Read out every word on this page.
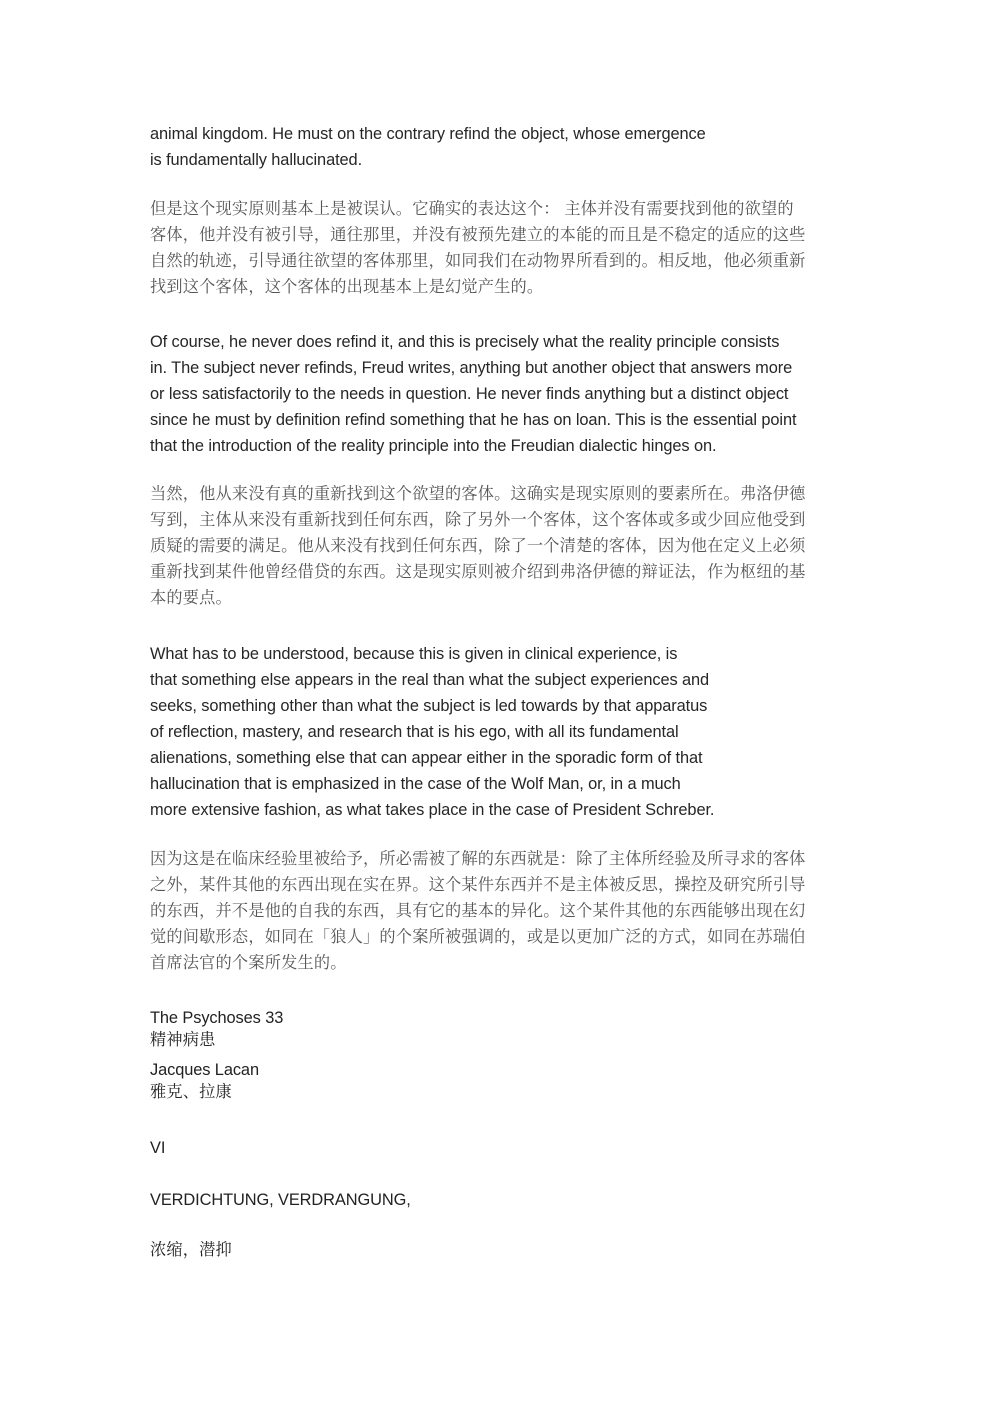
animal kingdom. He must on the contrary refind the object, whose emergence
is fundamentally hallucinated.
但是这个现实原则基本上是被误认。它确实的表达这个： 主体并没有需要找到他的欲望的
客体，他并没有被引导，通往那里，并没有被预先建立的本能的而且是不稳定的适应的这些
自然的轨迹，引导通往欲望的客体那里，如同我们在动物界所看到的。相反地，他必须重新
找到这个客体，这个客体的出现基本上是幻觉产生的。
Of course, he never does refind it, and this is precisely what the reality principle consists
in. The subject never refinds, Freud writes, anything but another object that answers more
or less satisfactorily to the needs in question. He never finds anything but a distinct object
since he must by definition refind something that he has on loan. This is the essential point
that the introduction of the reality principle into the Freudian dialectic hinges on.
当然，他从来没有真的重新找到这个欲望的客体。这确实是现实原则的要素所在。弗洛伊德
写到，主体从来没有重新找到任何东西，除了另外一个客体，这个客体或多或少回应他受到
质疑的需要的满足。他从来没有找到任何东西，除了一个清楚的客体，因为他在定义上必须
重新找到某件他曾经借贷的东西。这是现实原则被介绍到弗洛伊德的辩证法，作为枢纽的基
本的要点。
What has to be understood, because this is given in clinical experience, is
that something else appears in the real than what the subject experiences and
seeks, something other than what the subject is led towards by that apparatus
of reflection, mastery, and research that is his ego, with all its fundamental
alienations, something else that can appear either in the sporadic form of that
hallucination that is emphasized in the case of the Wolf Man, or, in a much
more extensive fashion, as what takes place in the case of President Schreber.
因为这是在临床经验里被给予，所必需被了解的东西就是：除了主体所经验及所寻求的客体
之外，某件其他的东西出现在实在界。这个某件东西并不是主体被反思，操控及研究所引导
的东西，并不是他的自我的东西，具有它的基本的异化。这个某件其他的东西能够出现在幻
觉的间歇形态，如同在「狼人」的个案所被强调的，或是以更加广泛的方式，如同在苏瑞伯
首席法官的个案所发生的。
The Psychoses 33
精神病患
Jacques Lacan
雅克、拉康
VI
VERDICHTUNG, VERDRANGUNG,
浓缩，潜抑
